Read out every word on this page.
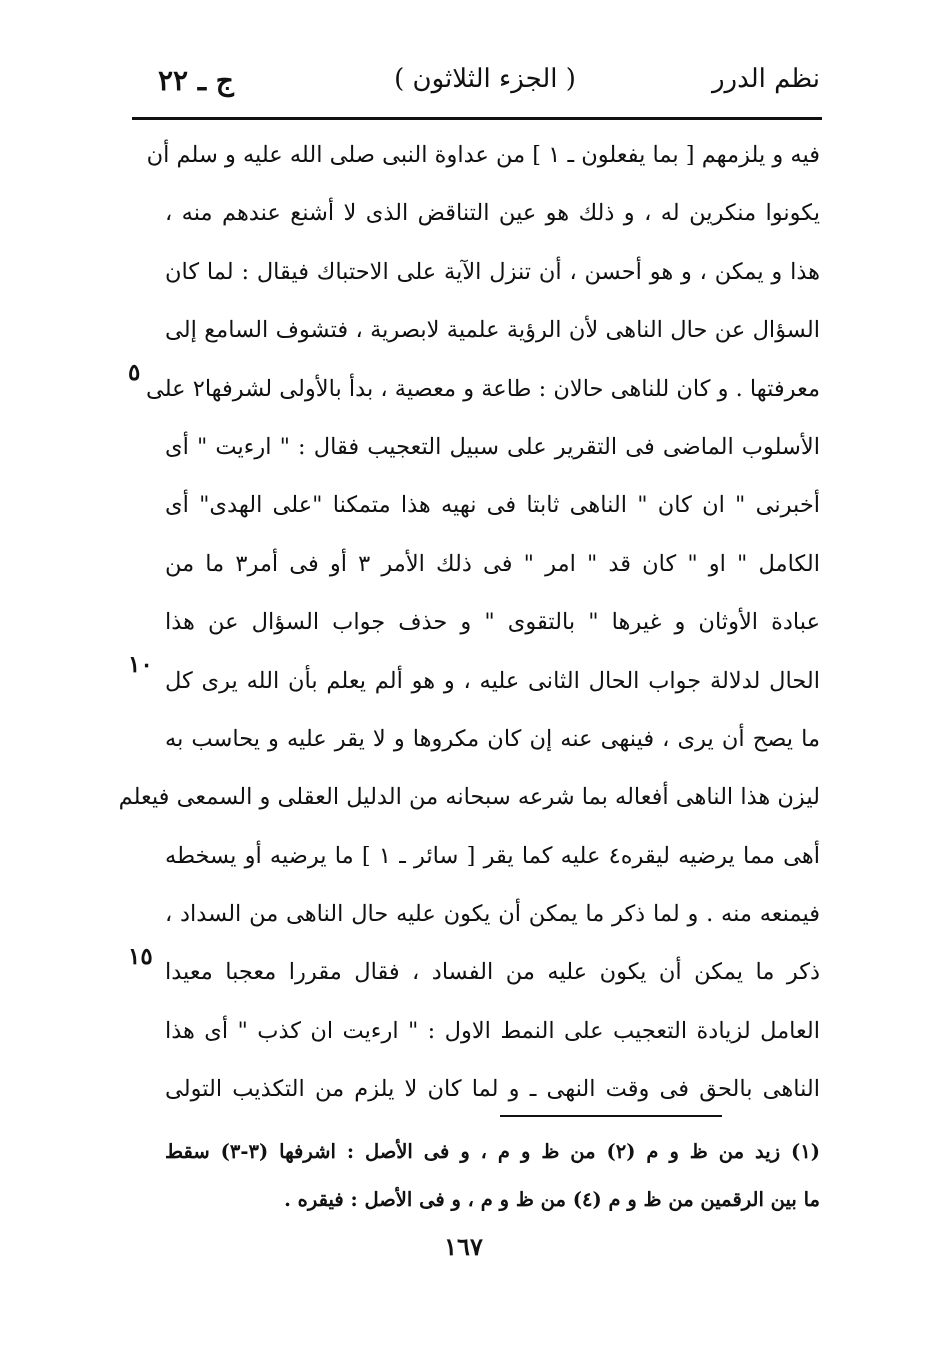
ج ـ ٢٢	( الجزء الثلاثون )	نظم الدرر
فيه و يلزمهم [ بما يفعلون ـ ١ ] من عداوة النبى صلى الله عليه و سلم أن
يكونوا منكرين له ، و ذلك هو عين التناقض الذى لا أشنع عندهم منه ،
هذا و يمكن ، و هو أحسن ، أن تنزل الآية على الاحتباك فيقال : لما كان
السؤال عن حال الناهى لأن الرؤية علمية لابصرية ، فتشوف السامع إلى
معرفتها . و كان للناهى حالان : طاعة و معصية ، بدأ بالأولى لشرفها٢ على
الأسلوب الماضى فى التقرير على سبيل التعجيب فقال : " ارءيت " أى
أخبرنى " ان كان " الناهى ثابتا فى نهيه هذا متمكنا "على الهدى" أى
الكامل " او " كان قد " امر " فى ذلك الأمر ٣ أو فى أمر٣ ما من
عبادة الأوثان و غيرها " بالتقوى " و حذف جواب السؤال عن هذا
الحال لدلالة جواب الحال الثانى عليه ، و هو ألم يعلم بأن الله يرى كل
ما يصح أن يرى ، فينهى عنه إن كان مكروها و لا يقر عليه و يحاسب به
ليزن هذا الناهى أفعاله بما شرعه سبحانه من الدليل العقلى و السمعى فيعلم
أهى مما يرضيه ليقره٤ عليه كما يقر [ سائر ـ ١ ] ما يرضيه أو يسخطه
فيمنعه منه . و لما ذكر ما يمكن أن يكون عليه حال الناهى من السداد ،
ذكر ما يمكن أن يكون عليه من الفساد ، فقال مقررا معجبا معيدا
العامل لزيادة التعجيب على النمط الاول : " ارءيت ان كذب " أى هذا
الناهى بالحق فى وقت النهى ـ و لما كان لا يلزم من التكذيب التولى
٥
١٠
١٥
(١) زيد من ظ و م (٢) من ظ و م ، و فى الأصل : اشرفها (٣-٣) سقط
ما بين الرقمين من ظ و م (٤) من ظ و م ، و فى الأصل : فيقره .
١٦٧
